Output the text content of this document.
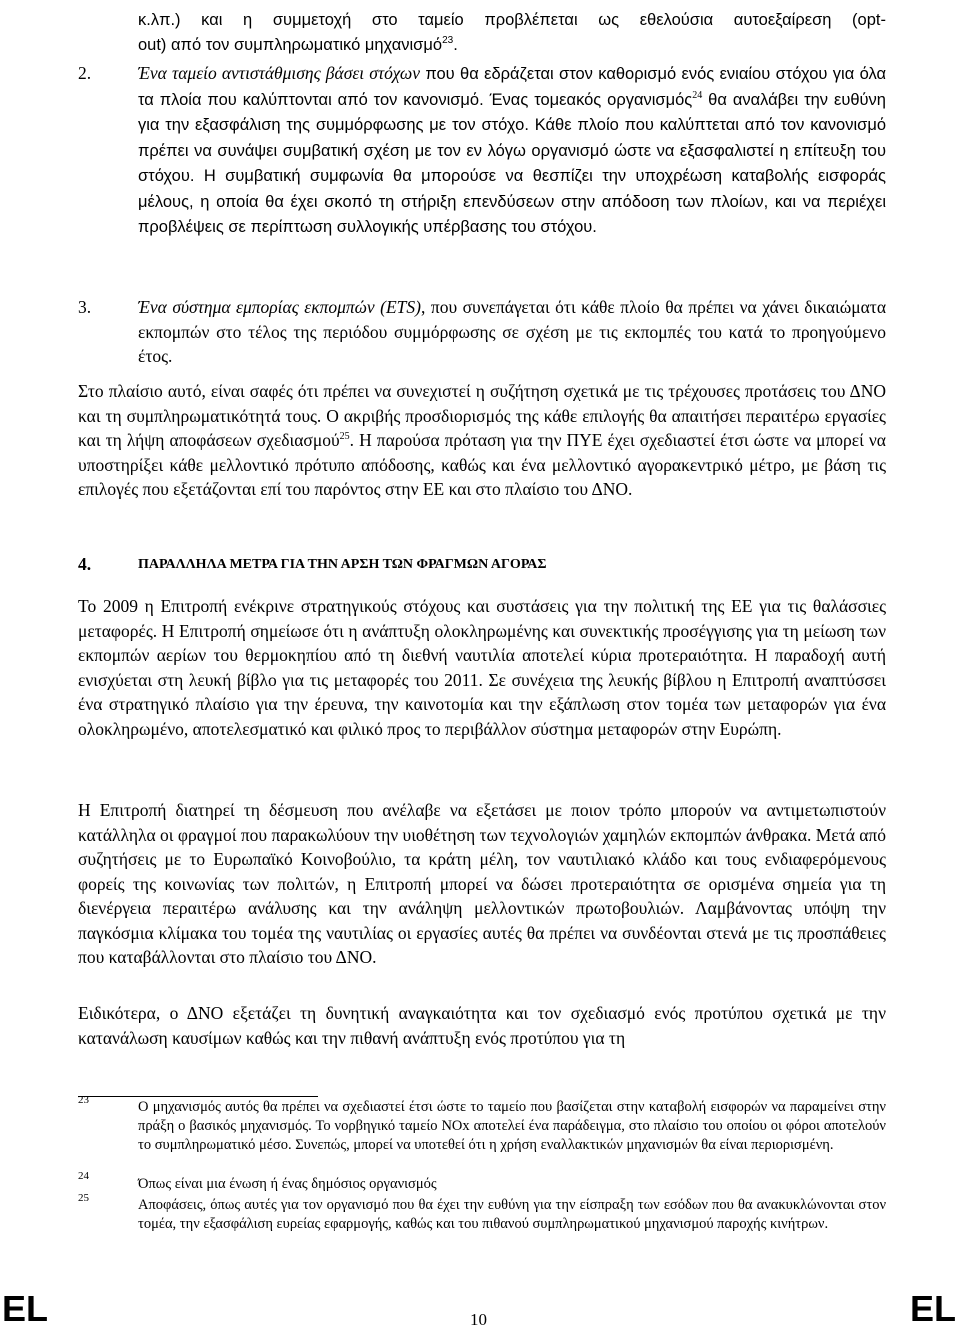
κ.λπ.) και η συμμετοχή στο ταμείο προβλέπεται ως εθελούσια αυτοεξαίρεση (opt-
out) από τον συμπληρωματικό μηχανισμό$^{23}$.
2.	Ένα ταμείο αντιστάθμισης βάσει στόχων που θα εδράζεται στον καθορισμό ενός ενιαίου στόχου για όλα τα πλοία που καλύπτονται από τον κανονισμό. Ένας τομεακός οργανισμός$^{24}$ θα αναλάβει την ευθύνη για την εξασφάλιση της συμμόρφωσης με τον στόχο. Κάθε πλοίο που καλύπτεται από τον κανονισμό πρέπει να συνάψει συμβατική σχέση με τον εν λόγω οργανισμό ώστε να εξασφαλιστεί η επίτευξη του στόχου. Η συμβατική συμφωνία θα μπορούσε να θεσπίζει την υποχρέωση καταβολής εισφοράς μέλους, η οποία θα έχει σκοπό τη στήριξη επενδύσεων στην απόδοση των πλοίων, και να περιέχει προβλέψεις σε περίπτωση συλλογικής υπέρβασης του στόχου.
3.	Ένα σύστημα εμπορίας εκπομπών (ETS), που συνεπάγεται ότι κάθε πλοίο θα πρέπει να χάνει δικαιώματα εκπομπών στο τέλος της περιόδου συμμόρφωσης σε σχέση με τις εκπομπές του κατά το προηγούμενο έτος.
Στο πλαίσιο αυτό, είναι σαφές ότι πρέπει να συνεχιστεί η συζήτηση σχετικά με τις τρέχουσες προτάσεις του ΔΝΟ και τη συμπληρωματικότητά τους. Ο ακριβής προσδιορισμός της κάθε επιλογής θα απαιτήσει περαιτέρω εργασίες και τη λήψη αποφάσεων σχεδιασμού$^{25}$. Η παρούσα πρόταση για την ΠΥΕ έχει σχεδιαστεί έτσι ώστε να μπορεί να υποστηρίξει κάθε μελλοντικό πρότυπο απόδοσης, καθώς και ένα μελλοντικό αγορακεντρικό μέτρο, με βάση τις επιλογές που εξετάζονται επί του παρόντος στην ΕΕ και στο πλαίσιο του ΔΝΟ.
4.	ΠΑΡΑΛΛΗΛΑ ΜΕΤΡΑ ΓΙΑ ΤΗΝ ΑΡΣΗ ΤΩΝ ΦΡΑΓΜΩΝ ΑΓΟΡΑΣ
Το 2009 η Επιτροπή ενέκρινε στρατηγικούς στόχους και συστάσεις για την πολιτική της ΕΕ για τις θαλάσσιες μεταφορές. Η Επιτροπή σημείωσε ότι η ανάπτυξη ολοκληρωμένης και συνεκτικής προσέγγισης για τη μείωση των εκπομπών αερίων του θερμοκηπίου από τη διεθνή ναυτιλία αποτελεί κύρια προτεραιότητα. Η παραδοχή αυτή ενισχύεται στη λευκή βίβλο για τις μεταφορές του 2011. Σε συνέχεια της λευκής βίβλου η Επιτροπή αναπτύσσει ένα στρατηγικό πλαίσιο για την έρευνα, την καινοτομία και την εξάπλωση στον τομέα των μεταφορών για ένα ολοκληρωμένο, αποτελεσματικό και φιλικό προς το περιβάλλον σύστημα μεταφορών στην Ευρώπη.
Η Επιτροπή διατηρεί τη δέσμευση που ανέλαβε να εξετάσει με ποιον τρόπο μπορούν να αντιμετωπιστούν κατάλληλα οι φραγμοί που παρακωλύουν την υιοθέτηση των τεχνολογιών χαμηλών εκπομπών άνθρακα. Μετά από συζητήσεις με το Ευρωπαϊκό Κοινοβούλιο, τα κράτη μέλη, τον ναυτιλιακό κλάδο και τους ενδιαφερόμενους φορείς της κοινωνίας των πολιτών, η Επιτροπή μπορεί να δώσει προτεραιότητα σε ορισμένα σημεία για τη διενέργεια περαιτέρω ανάλυσης και την ανάληψη μελλοντικών πρωτοβουλιών. Λαμβάνοντας υπόψη την παγκόσμια κλίμακα του τομέα της ναυτιλίας οι εργασίες αυτές θα πρέπει να συνδέονται στενά με τις προσπάθειες που καταβάλλονται στο πλαίσιο του ΔΝΟ.
Ειδικότερα, ο ΔΝΟ εξετάζει τη δυνητική αναγκαιότητα και τον σχεδιασμό ενός προτύπου σχετικά με την κατανάλωση καυσίμων καθώς και την πιθανή ανάπτυξη ενός προτύπου για τη
23	Ο μηχανισμός αυτός θα πρέπει να σχεδιαστεί έτσι ώστε το ταμείο που βασίζεται στην καταβολή εισφορών να παραμείνει στην πράξη ο βασικός μηχανισμός. Το νορβηγικό ταμείο NOx αποτελεί ένα παράδειγμα, στο πλαίσιο του οποίου οι φόροι αποτελούν το συμπληρωματικό μέσο. Συνεπώς, μπορεί να υποτεθεί ότι η χρήση εναλλακτικών μηχανισμών θα είναι περιορισμένη.
24	Όπως είναι μια ένωση ή ένας δημόσιος οργανισμός
25	Αποφάσεις, όπως αυτές για τον οργανισμό που θα έχει την ευθύνη για την είσπραξη των εσόδων που θα ανακυκλώνονται στον τομέα, την εξασφάλιση ευρείας εφαρμογής, καθώς και του πιθανού συμπληρωματικού μηχανισμού παροχής κινήτρων.
EL	10	EL
